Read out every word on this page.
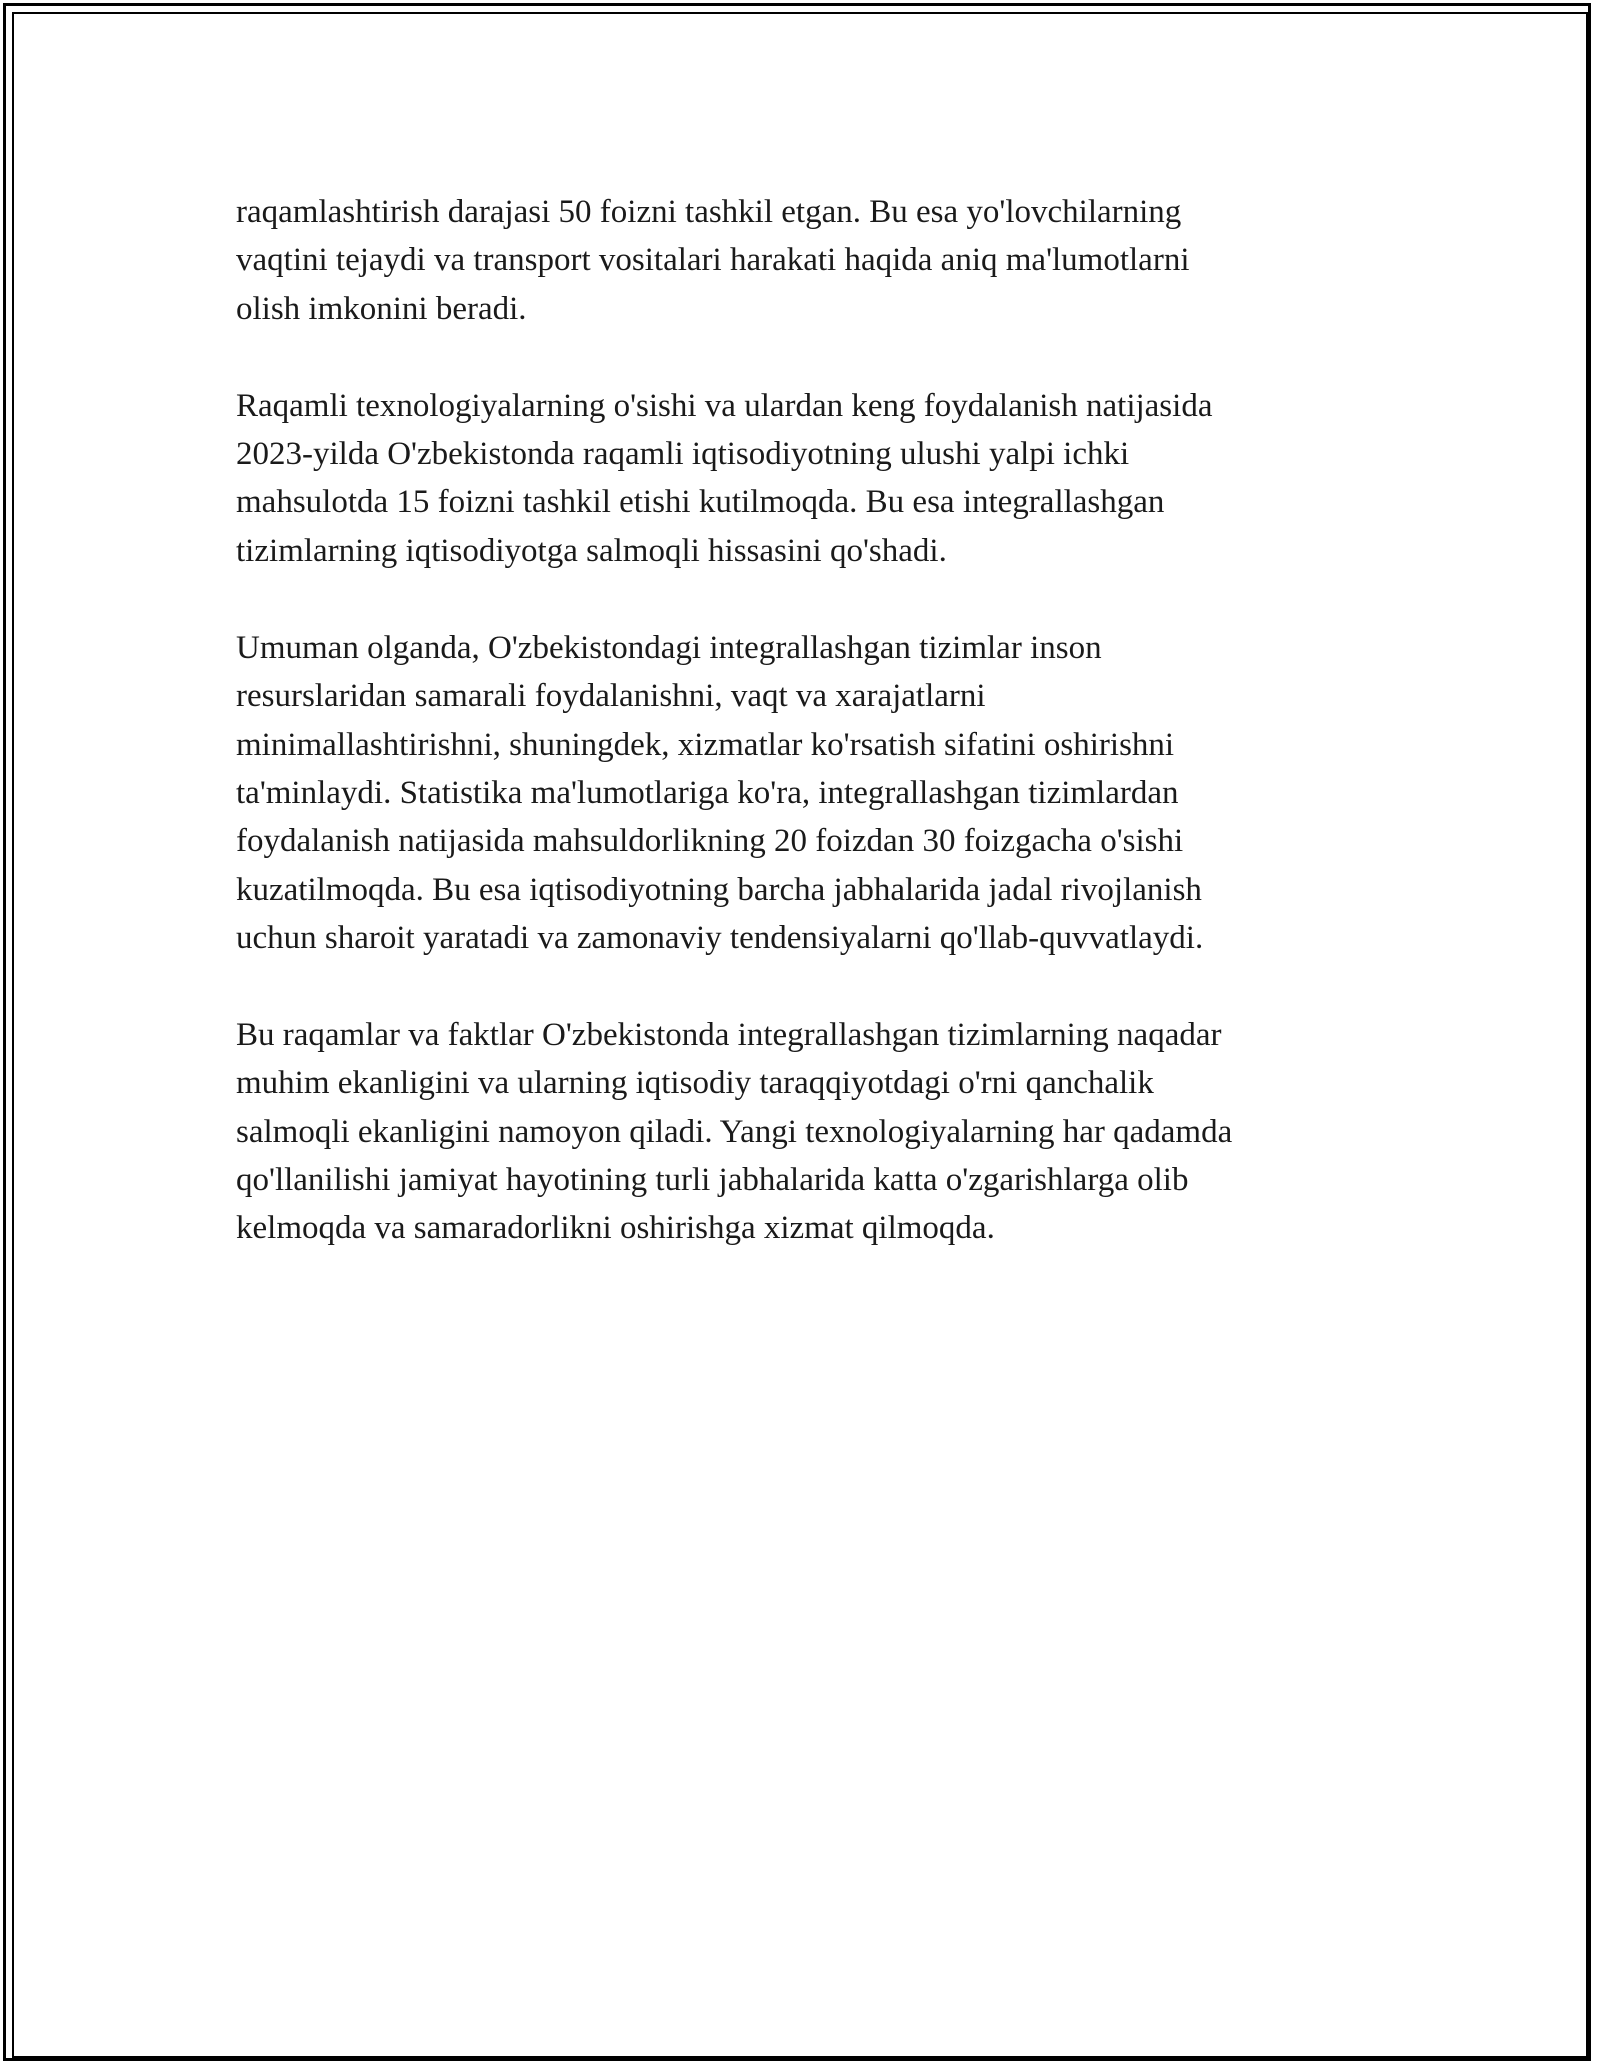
raqamlashtirish darajasi 50 foizni tashkil etgan. Bu esa yo'lovchilarning
vaqtini tejaydi va transport vositalari harakati haqida aniq ma'lumotlarni
olish imkonini beradi.

Raqamli texnologiyalarning o'sishi va ulardan keng foydalanish natijasida
2023-yilda O'zbekistonda raqamli iqtisodiyotning ulushi yalpi ichki
mahsulotda 15 foizni tashkil etishi kutilmoqda. Bu esa integrallashgan
tizimlarning iqtisodiyotga salmoqli hissasini qo'shadi.

Umuman olganda, O'zbekistondagi integrallashgan tizimlar inson
resurslaridan samarali foydalanishni, vaqt va xarajatlarni
minimallashtirishni, shuningdek, xizmatlar ko'rsatish sifatini oshirishni
ta'minlaydi. Statistika ma'lumotlariga ko'ra, integrallashgan tizimlardan
foydalanish natijasida mahsuldorlikning 20 foizdan 30 foizgacha o'sishi
kuzatilmoqda. Bu esa iqtisodiyotning barcha jabhalarida jadal rivojlanish
uchun sharoit yaratadi va zamonaviy tendensiyalarni qo'llab-quvvatlaydi.

Bu raqamlar va faktlar O'zbekistonda integrallashgan tizimlarning naqadar
muhim ekanligini va ularning iqtisodiy taraqqiyotdagi o'rni qanchalik
salmoqli ekanligini namoyon qiladi. Yangi texnologiyalarning har qadamda
qo'llanilishi jamiyat hayotining turli jabhalarida katta o'zgarishlarga olib
kelmoqda va samaradorlikni oshirishga xizmat qilmoqda.
